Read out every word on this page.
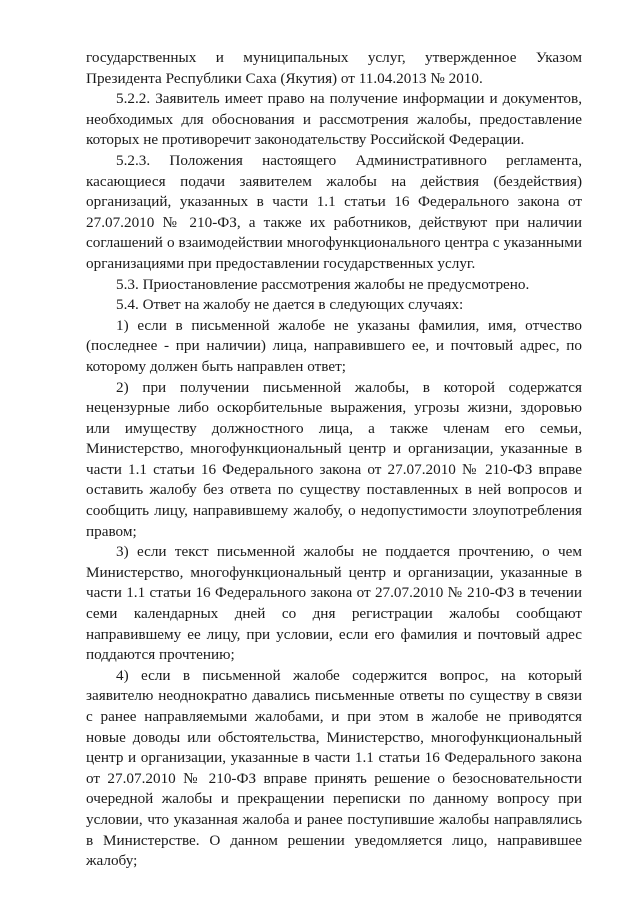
государственных и муниципальных услуг, утвержденное Указом Президента Республики Саха (Якутия) от 11.04.2013 № 2010.

5.2.2. Заявитель имеет право на получение информации и документов, необходимых для обоснования и рассмотрения жалобы, предоставление которых не противоречит законодательству Российской Федерации.

5.2.3. Положения настоящего Административного регламента, касающиеся подачи заявителем жалобы на действия (бездействия) организаций, указанных в части 1.1 статьи 16 Федерального закона от 27.07.2010 № 210-ФЗ, а также их работников, действуют при наличии соглашений о взаимодействии многофункционального центра с указанными организациями при предоставлении государственных услуг.

5.3. Приостановление рассмотрения жалобы не предусмотрено.

5.4. Ответ на жалобу не дается в следующих случаях:

1) если в письменной жалобе не указаны фамилия, имя, отчество (последнее - при наличии) лица, направившего ее, и почтовый адрес, по которому должен быть направлен ответ;

2) при получении письменной жалобы, в которой содержатся нецензурные либо оскорбительные выражения, угрозы жизни, здоровью или имуществу должностного лица, а также членам его семьи, Министерство, многофункциональный центр и организации, указанные в части 1.1 статьи 16 Федерального закона от 27.07.2010 № 210-ФЗ вправе оставить жалобу без ответа по существу поставленных в ней вопросов и сообщить лицу, направившему жалобу, о недопустимости злоупотребления правом;

3) если текст письменной жалобы не поддается прочтению, о чем Министерство, многофункциональный центр и организации, указанные в части 1.1 статьи 16 Федерального закона от 27.07.2010 № 210-ФЗ в течении семи календарных дней со дня регистрации жалобы сообщают направившему ее лицу, при условии, если его фамилия и почтовый адрес поддаются прочтению;

4) если в письменной жалобе содержится вопрос, на который заявителю неоднократно давались письменные ответы по существу в связи с ранее направляемыми жалобами, и при этом в жалобе не приводятся новые доводы или обстоятельства, Министерство, многофункциональный центр и организации, указанные в части 1.1 статьи 16 Федерального закона от 27.07.2010 № 210-ФЗ вправе принять решение о безосновательности очередной жалобы и прекращении переписки по данному вопросу при условии, что указанная жалоба и ранее поступившие жалобы направлялись в Министерстве. О данном решении уведомляется лицо, направившее жалобу;
